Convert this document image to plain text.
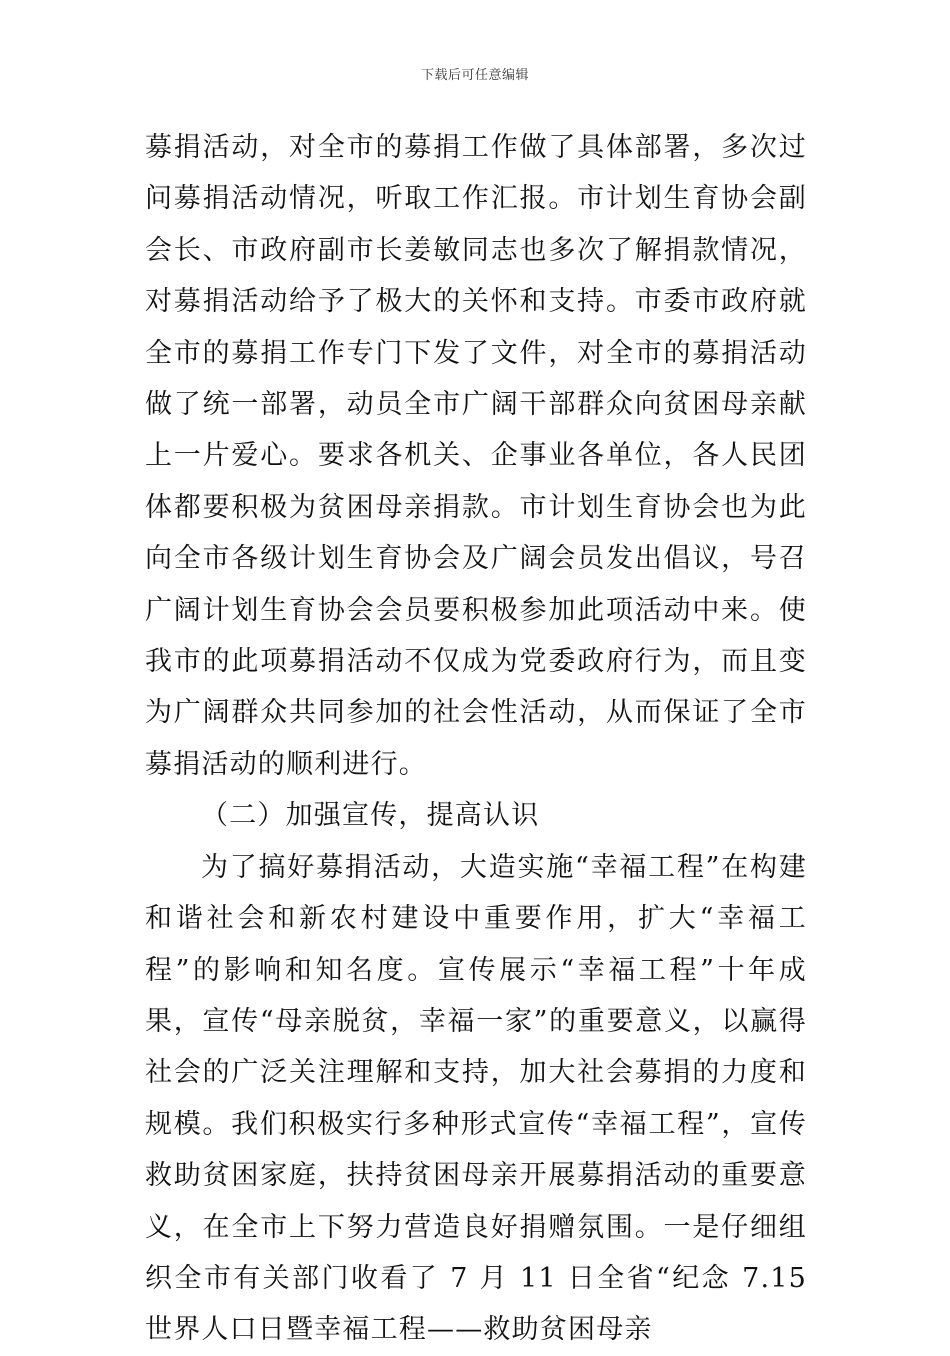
下载后可任意编辑

募捐活动，对全市的募捐工作做了具体部署，多次过问募捐活动情况，听取工作汇报。市计划生育协会副会长、市政府副市长姜敏同志也多次了解捐款情况，对募捐活动给予了极大的关怀和支持。市委市政府就全市的募捐工作专门下发了文件，对全市的募捐活动做了统一部署，动员全市广阔干部群众向贫困母亲献上一片爱心。要求各机关、企事业各单位，各人民团体都要积极为贫困母亲捐款。市计划生育协会也为此向全市各级计划生育协会及广阔会员发出倡议，号召广阔计划生育协会会员要积极参加此项活动中来。使我市的此项募捐活动不仅成为党委政府行为，而且变为广阔群众共同参加的社会性活动，从而保证了全市募捐活动的顺利进行。

（二）加强宣传，提高认识

为了搞好募捐活动，大造实施“幸福工程”在构建和谐社会和新农村建设中重要作用，扩大“幸福工程”的影响和知名度。宣传展示“幸福工程”十年成果，宣传“母亲脱贫，幸福一家”的重要意义，以赢得社会的广泛关注理解和支持，加大社会募捐的力度和规模。我们积极实行多种形式宣传“幸福工程”，宣传救助贫困家庭，扶持贫困母亲开展募捐活动的重要意义，在全市上下努力营造良好捐赠氛围。一是仔细组织全市有关部门收看了 7 月 11 日全省“纪念 7.15 世界人口日暨幸福工程——救助贫困母亲
